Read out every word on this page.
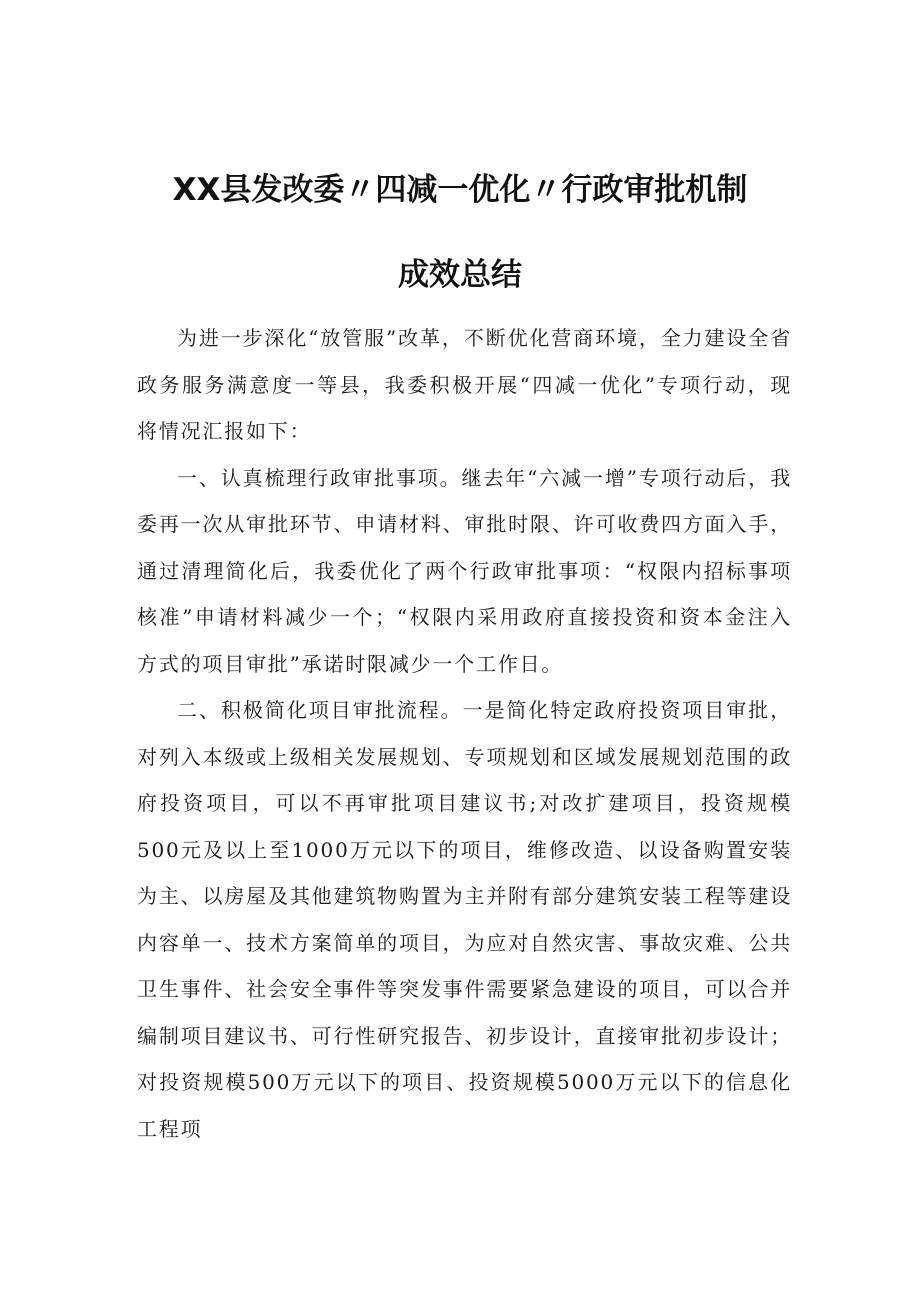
XX县发改委〃四减一优化〃行政审批机制
成效总结

为进一步深化“放管服”改革，不断优化营商环境，全力建设全省政务服务满意度一等县，我委积极开展“四减一优化”专项行动，现将情况汇报如下：

一、认真梳理行政审批事项。继去年“六减一增”专项行动后，我委再一次从审批环节、申请材料、审批时限、许可收费四方面入手，通过清理简化后，我委优化了两个行政审批事项：“权限内招标事项核准”申请材料减少一个；“权限内采用政府直接投资和资本金注入方式的项目审批”承诺时限减少一个工作日。

二、积极简化项目审批流程。一是简化特定政府投资项目审批，对列入本级或上级相关发展规划、专项规划和区域发展规划范围的政府投资项目，可以不再审批项目建议书;对改扩建项目，投资规模500元及以上至1000万元以下的项目，维修改造、以设备购置安装为主、以房屋及其他建筑物购置为主并附有部分建筑安装工程等建设内容单一、技术方案简单的项目，为应对自然灾害、事故灾难、公共卫生事件、社会安全事件等突发事件需要紧急建设的项目，可以合并编制项目建议书、可行性研究报告、初步设计，直接审批初步设计；对投资规模500万元以下的项目、投资规模5000万元以下的信息化工程项
